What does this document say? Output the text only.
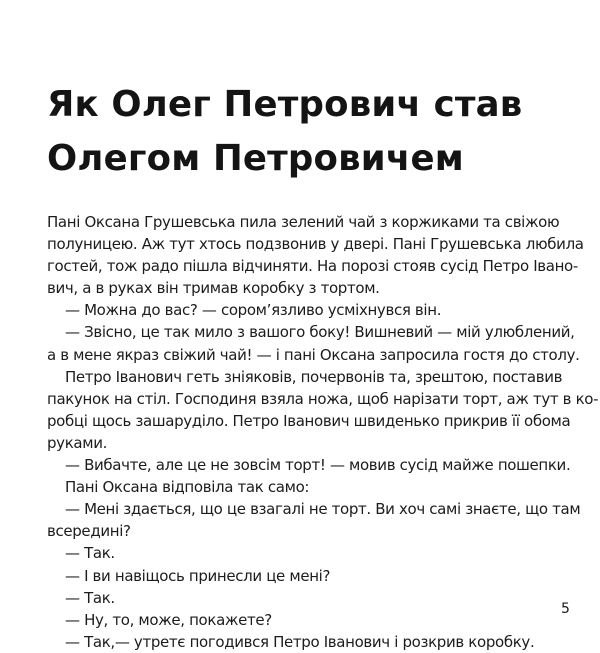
Як Олег Петрович став
Олегом Петровичем
Пані Оксана Грушевська пила зелений чай з коржиками та свіжою
полуницею. Аж тут хтось подзвонив у двері. Пані Грушевська любила
гостей, тож радо пішла відчиняти. На порозі стояв сусід Петро Івано-
вич, а в руках він тримав коробку з тортом.
— Можна до вас? — сором’язливо усміхнувся він.
— Звісно, це так мило з вашого боку! Вишневий — мій улюблений,
а в мене якраз свіжий чай! — і пані Оксана запросила гостя до столу.
Петро Іванович геть зніяковів, почервонів та, зрештою, поставив
пакунок на стіл. Господиня взяла ножа, щоб нарізати торт, аж тут в ко-
робці щось зашаруділо. Петро Іванович швиденько прикрив її обома
руками.
— Вибачте, але це не зовсім торт! — мовив сусід майже пошепки.
Пані Оксана відповіла так само:
— Мені здається, що це взагалі не торт. Ви хоч самі знаєте, що там
всередині?
— Так.
— І ви навіщось принесли це мені?
— Так.
— Ну, то, може, покажете?
— Так,— утретє погодився Петро Іванович і розкрив коробку.
5
